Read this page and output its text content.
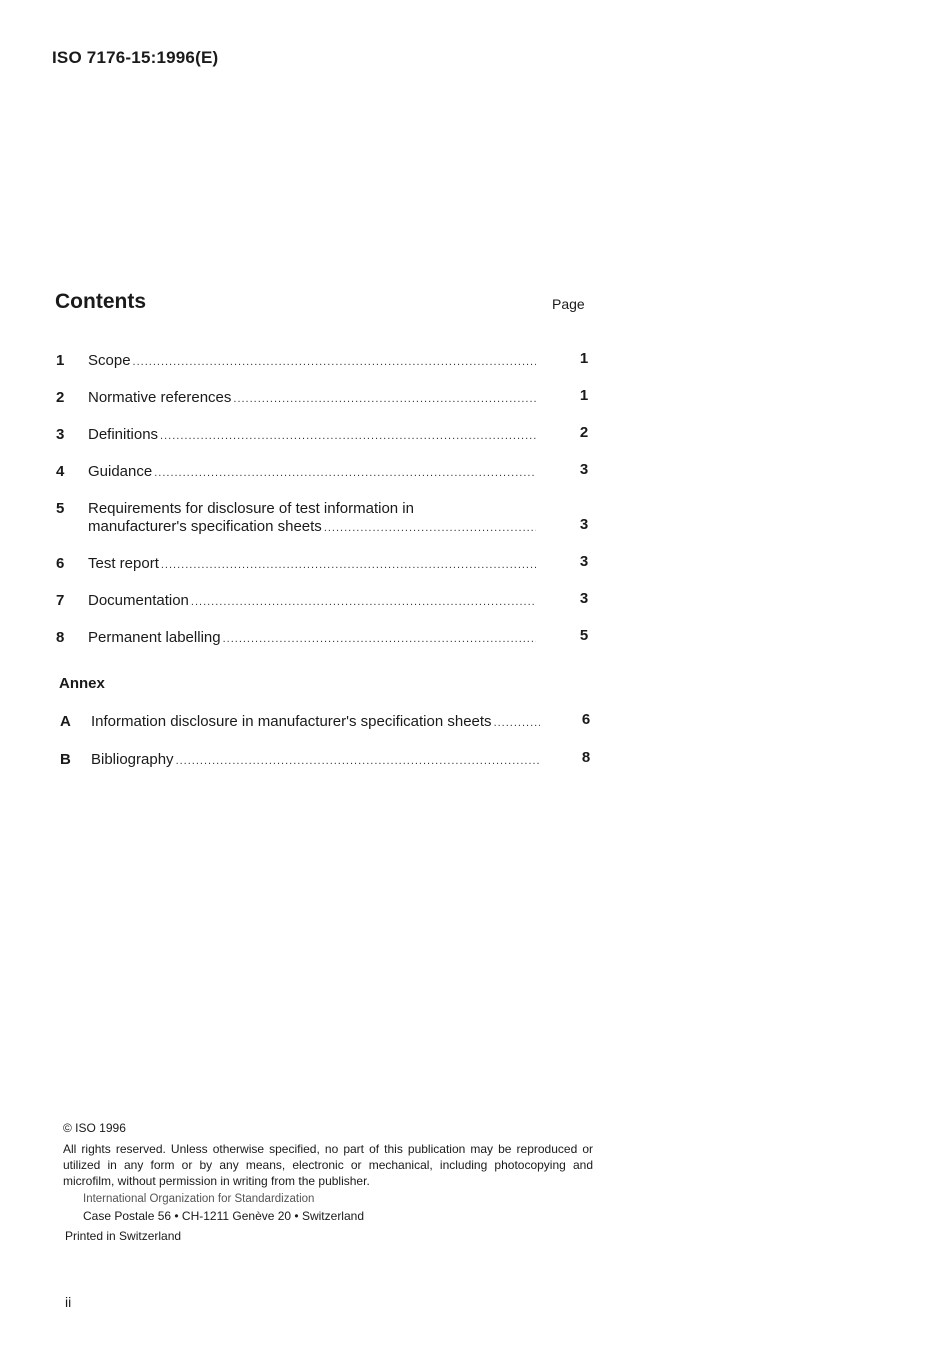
ISO 7176-15:1996(E)
Contents	Page
1	Scope .....	1
2	Normative references .....	1
3	Definitions .....	2
4	Guidance .....	3
5	Requirements for disclosure of test information in
manufacturer's specification sheets .....	3
6	Test report .....	3
7	Documentation .....	3
8	Permanent labelling .....	5
Annex
A	Information disclosure in manufacturer's specification sheets .....	6
B	Bibliography .....	8
© ISO 1996
All rights reserved. Unless otherwise specified, no part of this publication may be reproduced or utilized in any form or by any means, electronic or mechanical, including photocopying and microfilm, without permission in writing from the publisher.
International Organization for Standardization
Case Postale 56 • CH-1211 Genève 20 • Switzerland
Printed in Switzerland
ii
